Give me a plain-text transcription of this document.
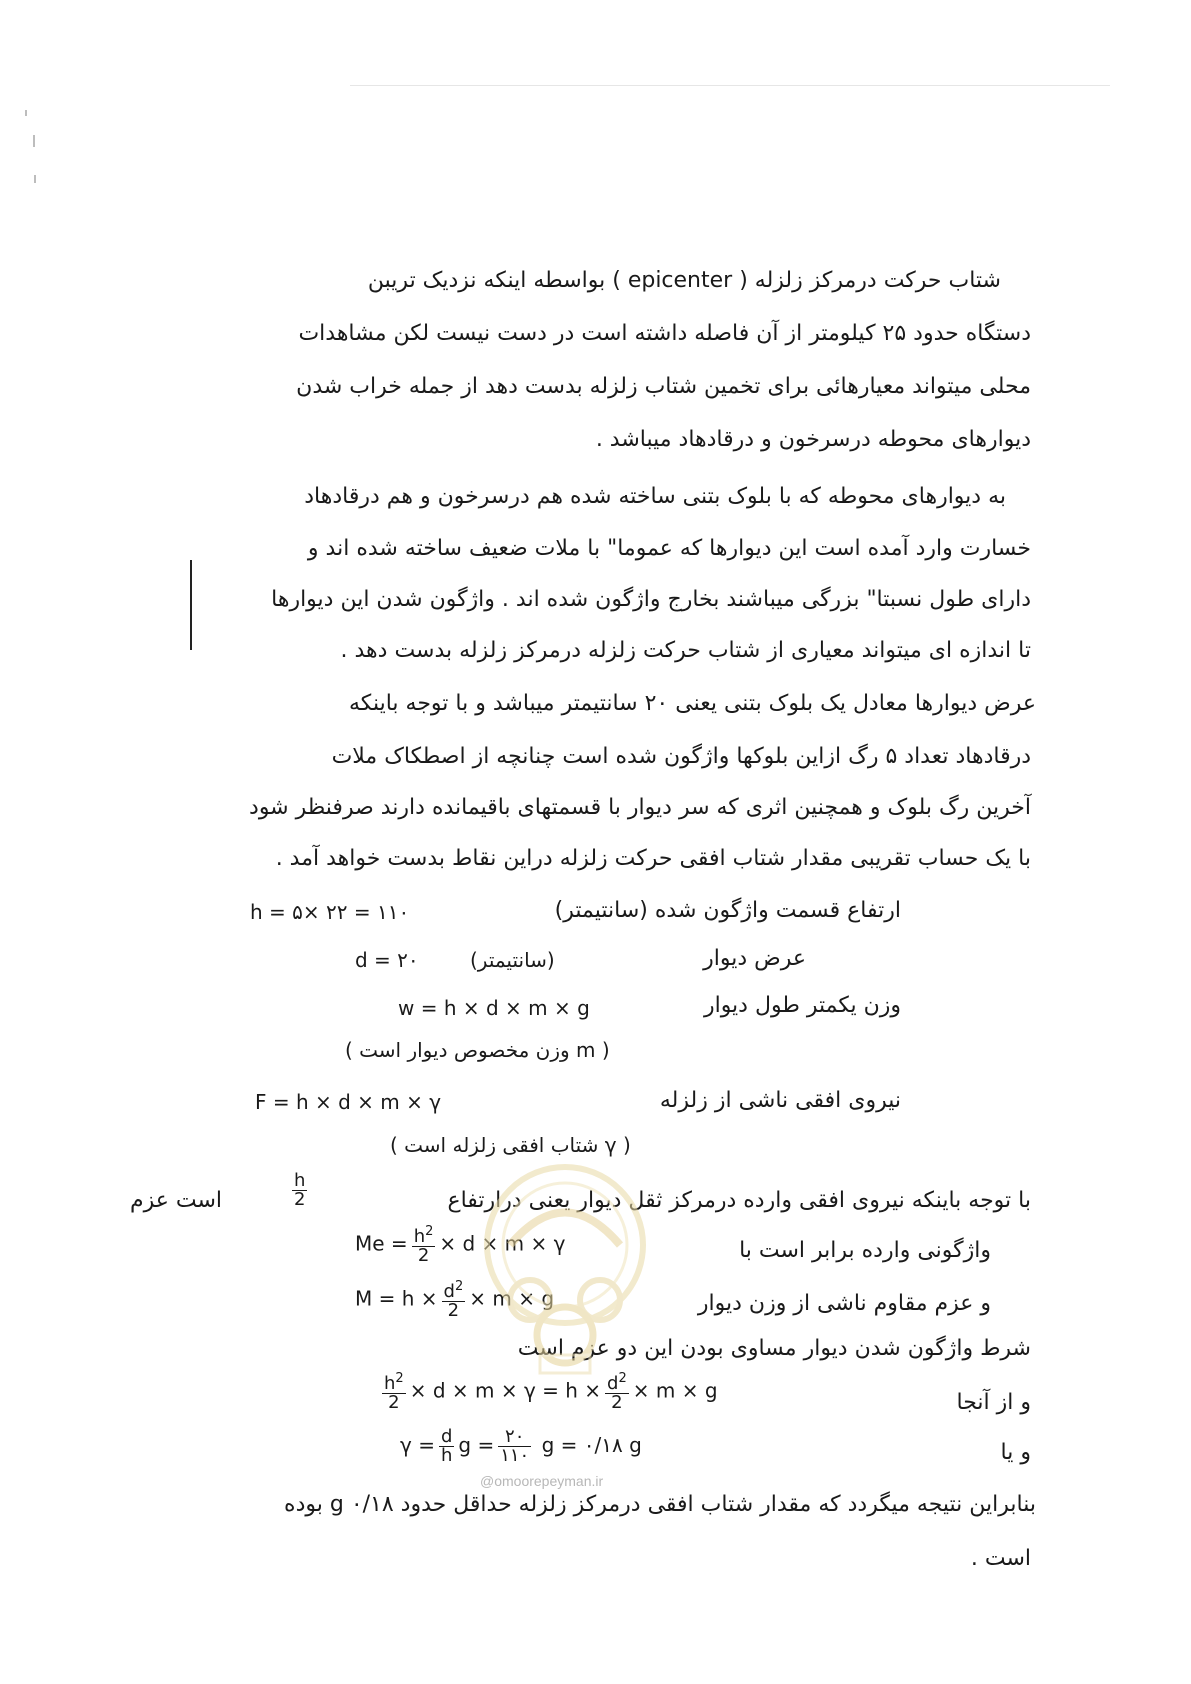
شتاب حرکت درمرکز زلزله ( epicenter ) بواسطه اینکه نزدیک تریبن
دستگاه حدود ۲۵ کیلومتر از آن فاصله داشته است در دست نیست لکن مشاهدات
محلی میتواند معیارهائی برای تخمین شتاب زلزله بدست دهد از جمله خراب شدن
دیوارهای محوطه درسرخون و درقادهاد میباشد .
به دیوارهای محوطه که با بلوک بتنی ساخته شده هم درسرخون و هم درقادهاد
خسارت وارد آمده است این دیوارها که عموما" با ملات ضعیف ساخته شده اند و
دارای طول نسبتا" بزرگی میباشند بخارج واژگون شده اند . واژگون شدن این دیوارها
تا اندازه ای میتواند معیاری از شتاب حرکت زلزله درمرکز زلزله بدست دهد .
عرض دیوارها معادل یک بلوک بتنی یعنی ۲۰ سانتیمتر میباشد و با توجه باینکه
درقادهاد تعداد ۵ رگ ازاین بلوکها واژگون شده است چنانچه از اصطکاک ملات
آخرین رگ بلوک و همچنین اثری که سر دیوار با قسمتهای باقیمانده دارند صرفنظر شود
با یک حساب تقریبی مقدار شتاب افقی حرکت زلزله دراین نقاط بدست خواهد آمد .
ارتفاع قسمت واژگون شده (سانتیمتر)
h = ۵× ۲۲ = ۱۱۰
عرض دیوار
d = ۲۰	(سانتیمتر)
وزن یکمتر طول دیوار
w = h × d × m × g
( m وزن مخصوص دیوار است )
نیروی افقی ناشی از زلزله
F = h × d × m × γ
( γ شتاب افقی زلزله است )
با توجه باینکه نیروی افقی وارده درمرکز ثقل دیوار یعنی درارتفاع
$\frac{h}{2}$
است عزم
واژگونی وارده برابر است با
$Me = \frac{h^2}{2} \times d \times m \times \gamma$
و عزم مقاوم ناشی از وزن دیوار
$M = h \times \frac{d^2}{2} \times m \times g$
شرط واژگون شدن دیوار مساوی بودن این دو عزم است
و از آنجا
$\frac{h^2}{2} \times d \times m \times \gamma = h \times \frac{d^2}{2} \times m \times g$
و یا
$\gamma = \frac{d}{h}$ $g = \frac{۲۰}{۱۱۰}$ g = ۰/۱۸ g
بنابراین نتیجه میگردد که مقدار شتاب افقی درمرکز زلزله حداقل حدود g ۰/۱۸ بوده
است .
@omoorepeyman.ir
